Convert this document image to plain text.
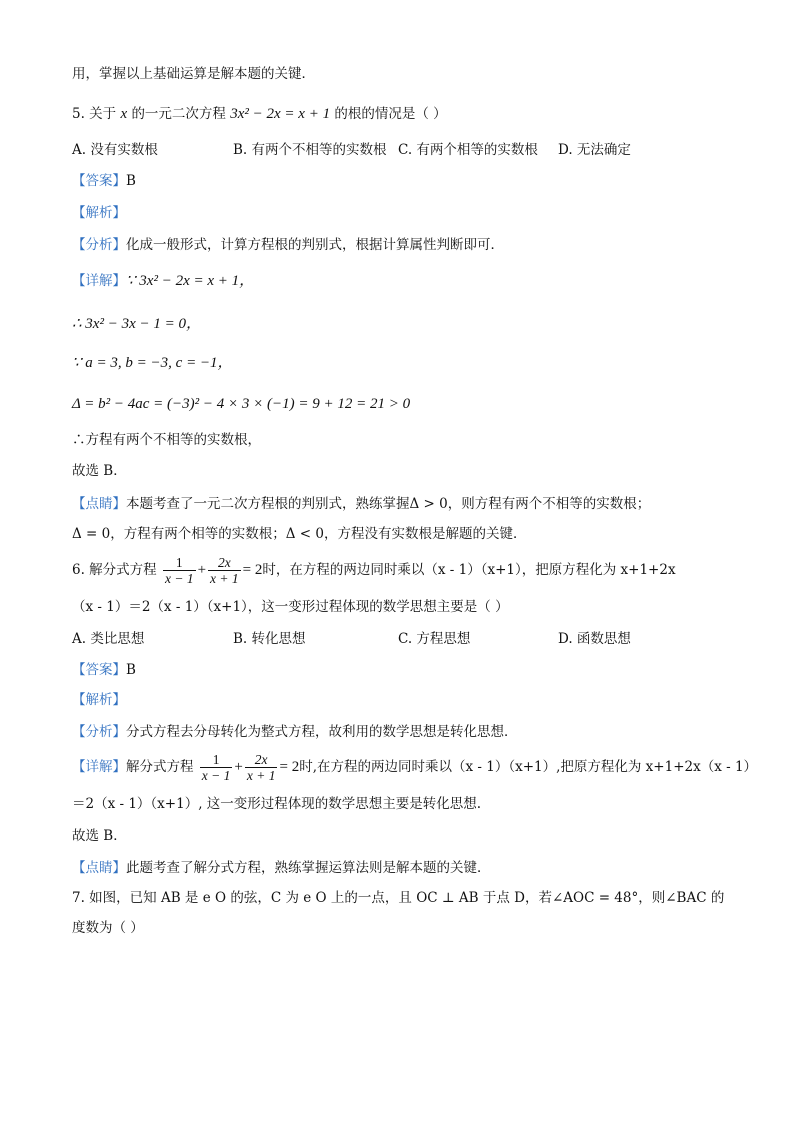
用，掌握以上基础运算是解本题的关键．
5. 关于 x 的一元二次方程 3x² − 2x = x + 1 的根的情况是（ ）
A. 没有实数根	B. 有两个不相等的实数根 C. 有两个相等的实数根 D. 无法确定
【答案】B
【解析】
【分析】化成一般形式，计算方程根的判别式，根据计算属性判断即可．
【详解】∵ 3x² − 2x = x + 1，
∴ 3x² − 3x − 1 = 0，
∵ a = 3, b = −3, c = −1，
Δ = b² − 4ac = (−3)² − 4 × 3 × (−1) = 9 + 12 = 21 > 0
∴方程有两个不相等的实数根，
故选 B．
【点睛】本题考查了一元二次方程根的判别式，熟练掌握Δ > 0，则方程有两个不相等的实数根；
Δ = 0，方程有两个相等的实数根；Δ < 0，方程没有实数根是解题的关键．
6. 解分式方程 $\frac{1}{x - 1} + \frac{2x}{x + 1} = 2$时，在方程的两边同时乘以（x - 1）（x+1），把原方程化为 x+1+2x
（x - 1）＝2（x - 1）（x+1），这一变形过程体现的数学思想主要是（ ）
A. 类比思想	B. 转化思想	C. 方程思想	D. 函数思想
【答案】B
【解析】
【分析】分式方程去分母转化为整式方程，故利用的数学思想是转化思想．
【详解】解分式方程 $\frac{1}{x - 1} + \frac{2x}{x + 1} = 2$时,在方程的两边同时乘以（x - 1）（x+1）,把原方程化为 x+1+2x（x - 1）
＝2（x - 1）（x+1）, 这一变形过程体现的数学思想主要是转化思想.
故选 B．
【点睛】此题考查了解分式方程，熟练掌握运算法则是解本题的关键．
7. 如图，已知 AB 是 e O 的弦，C 为 e O 上的一点，且 OC ⊥ AB 于点 D，若∠AOC = 48°，则∠BAC 的
度数为（ ）
